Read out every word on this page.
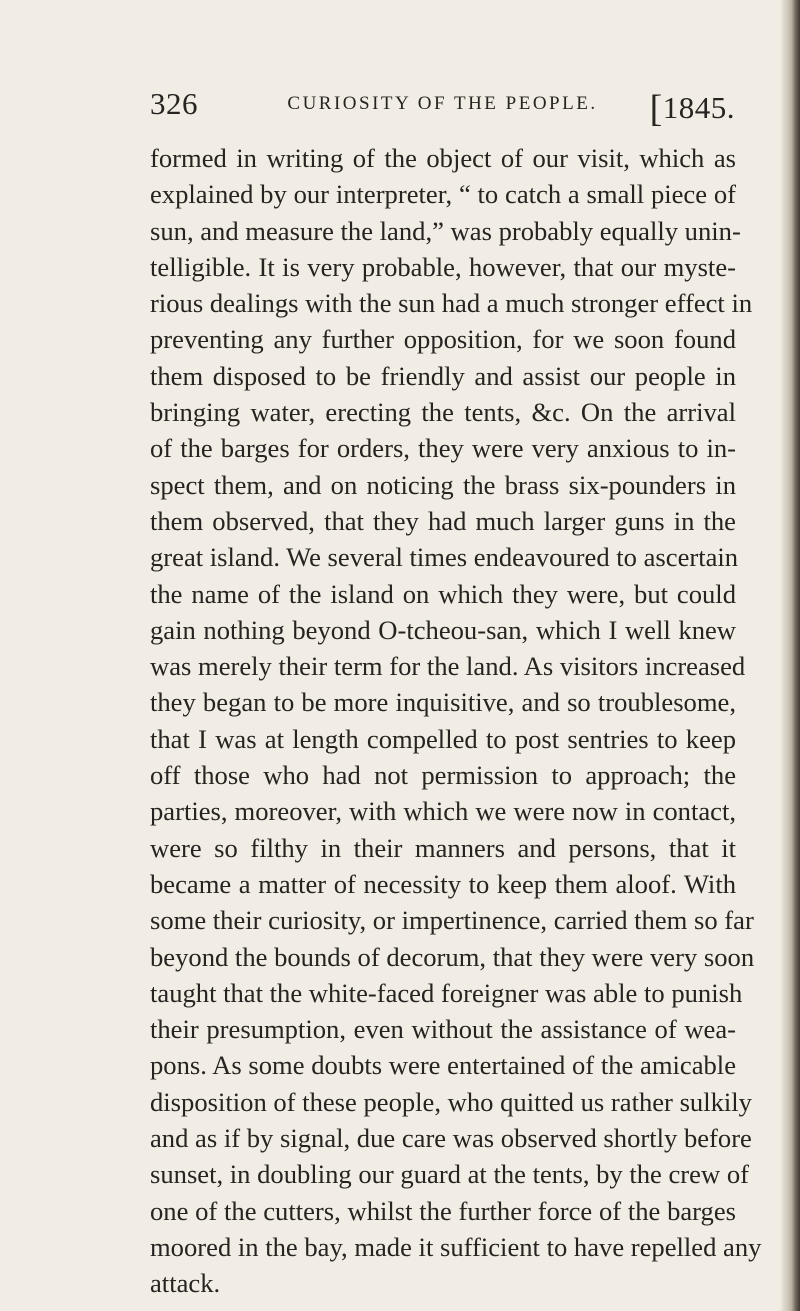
326	CURIOSITY OF THE PEOPLE.	[1845.
formed in writing of the object of our visit, which as
explained by our interpreter, “ to catch a small piece of
sun, and measure the land,” was probably equally unin-
telligible. It is very probable, however, that our myste-
rious dealings with the sun had a much stronger effect in
preventing any further opposition, for we soon found
them disposed to be friendly and assist our people in
bringing water, erecting the tents, &c. On the arrival
of the barges for orders, they were very anxious to in-
spect them, and on noticing the brass six-pounders in
them observed, that they had much larger guns in the
great island. We several times endeavoured to ascertain
the name of the island on which they were, but could
gain nothing beyond O-tcheou-san, which I well knew
was merely their term for the land. As visitors increased
they began to be more inquisitive, and so troublesome,
that I was at length compelled to post sentries to keep
off those who had not permission to approach; the
parties, moreover, with which we were now in contact,
were so filthy in their manners and persons, that it
became a matter of necessity to keep them aloof. With
some their curiosity, or impertinence, carried them so far
beyond the bounds of decorum, that they were very soon
taught that the white-faced foreigner was able to punish
their presumption, even without the assistance of wea-
pons. As some doubts were entertained of the amicable
disposition of these people, who quitted us rather sulkily
and as if by signal, due care was observed shortly before
sunset, in doubling our guard at the tents, by the crew of
one of the cutters, whilst the further force of the barges
moored in the bay, made it sufficient to have repelled any
attack.
